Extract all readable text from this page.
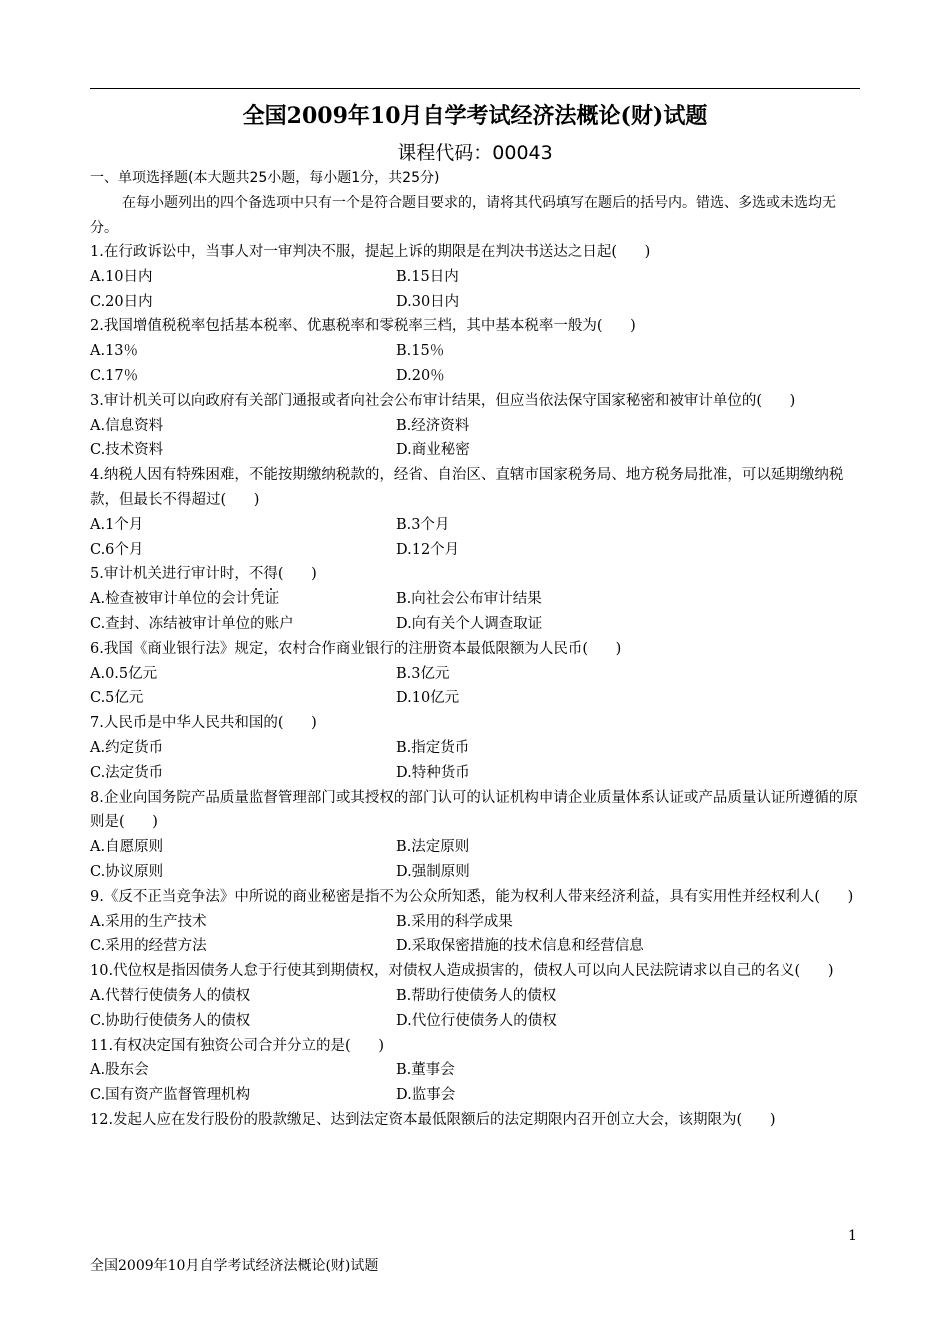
全国2009年10月自学考试经济法概论(财)试题
课程代码：00043
一、单项选择题(本大题共25小题，每小题1分，共25分)
在每小题列出的四个备选项中只有一个是符合题目要求的，请将其代码填写在题后的括号内。错选、多选或未选均无分。
1.在行政诉讼中，当事人对一审判决不服，提起上诉的期限是在判决书送达之日起(      )
A.10日内	B.15日内
C.20日内	D.30日内
2.我国增值税税率包括基本税率、优惠税率和零税率三档，其中基本税率一般为(      )
A.13％	B.15％
C.17％	D.20％
3.审计机关可以向政府有关部门通报或者向社会公布审计结果，但应当依法保守国家秘密和被审计单位的(      )
A.信息资料	B.经济资料
C.技术资料	D.商业秘密
4.纳税人因有特殊困难，不能按期缴纳税款的，经省、自治区、直辖市国家税务局、地方税务局批准，可以延期缴纳税款，但最长不得超过(      )
A.1个月	B.3个月
C.6个月	D.12个月
5.审计机关进行审计时，不得
(      )
A.检查被审计单位的会计凭证	B.向社会公布审计结果
C.查封、冻结被审计单位的账户	D.向有关个人调查取证
6.我国《商业银行法》规定，农村合作商业银行的注册资本最低限额为人民币(      )
A.0.5亿元	B.3亿元
C.5亿元	D.10亿元
7.人民币是中华人民共和国的(      )
A.约定货币	B.指定货币
C.法定货币	D.特种货币
8.企业向国务院产品质量监督管理部门或其授权的部门认可的认证机构申请企业质量体系认证或产品质量认证所遵循的原则是(      )
A.自愿原则	B.法定原则
C.协议原则	D.强制原则
9.《反不正当竞争法》中所说的商业秘密是指不为公众所知悉，能为权利人带来经济利益，具有实用性并经权利人(      )
A.采用的生产技术	B.采用的科学成果
C.采用的经营方法	D.采取保密措施的技术信息和经营信息
10.代位权是指因债务人怠于行使其到期债权，对债权人造成损害的，债权人可以向人民法院请求以自己的名义(      )
A.代替行使债务人的债权	B.帮助行使债务人的债权
C.协助行使债务人的债权	D.代位行使债务人的债权
11.有权决定国有独资公司合并分立的是(      )
A.股东会	B.董事会
C.国有资产监督管理机构	D.监事会
12.发起人应在发行股份的股款缴足、达到法定资本最低限额后的法定期限内召开创立大会，该期限为(      )
1
全国2009年10月自学考试经济法概论(财)试题
